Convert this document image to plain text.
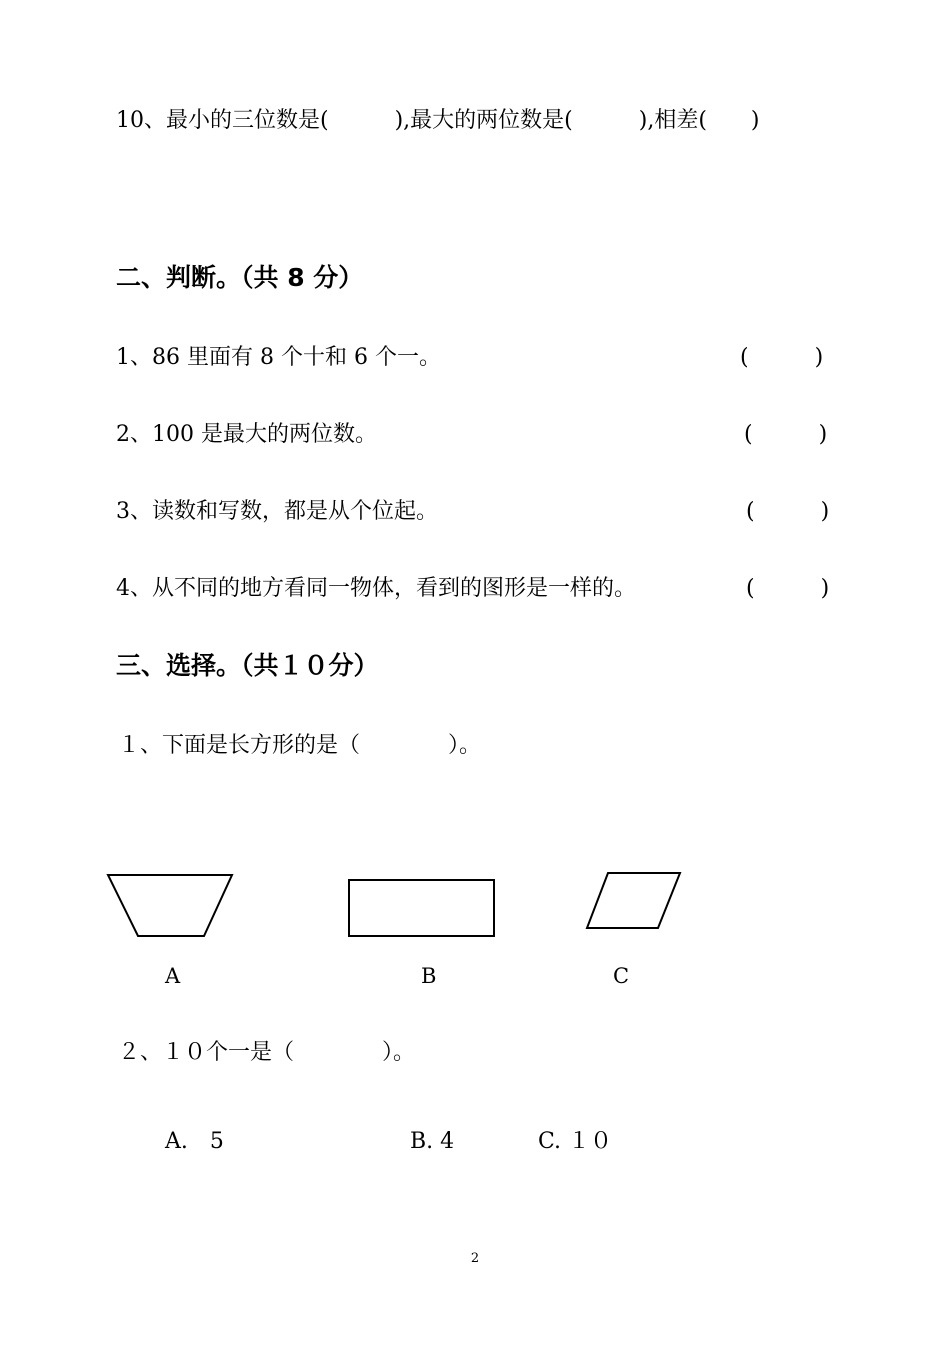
10、最小的三位数是(　　　),最大的两位数是(　　　),相差(　　)
二、判断。（共 8 分）
1、86 里面有 8 个十和 6 个一。	(　　　)
2、100 是最大的两位数。	(　　　)
3、读数和写数，都是从个位起。	(　　　)
4、从不同的地方看同一物体，看到的图形是一样的。	(　　　)
三、选择。（共１０分）
１、下面是长方形的是（　　　　）。
A	B	C
２、１０个一是（　　　　）。
A.　5	B. 4	C. １０
2
